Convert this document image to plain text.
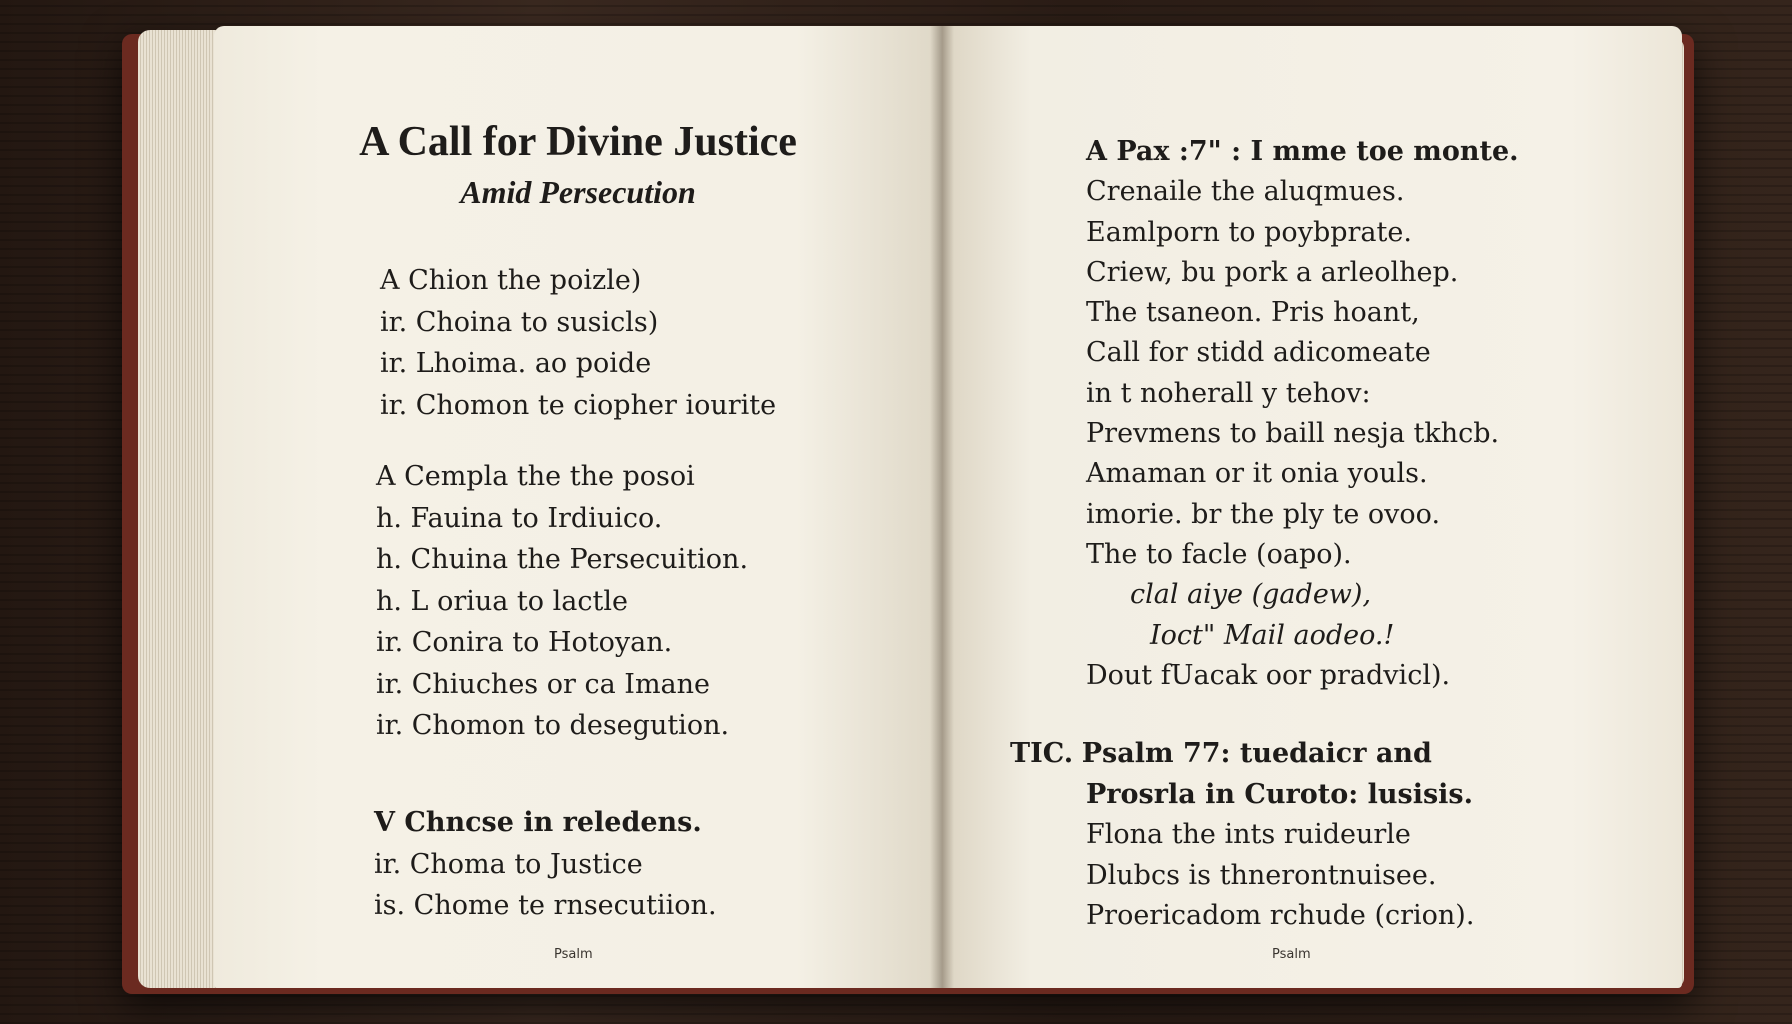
A Call for Divine Justice
Amid Persecution
A Chion the poizle)
ir. Choina to susicls)
ir. Lhoima. ao poide
ir. Chomon te ciopher iourite
A Cempla the the posoi
h. Fauina to Irdiuico.
h. Chuina the Persecuition.
h. L oriua to lactle
ir. Conira to Hotoyan.
ir. Chiuches or ca Imane
ir. Chomon to desegution.
V Chncse in reledens.
ir. Choma to Justice
is. Chome te rnsecutiion.
Psalm
A Pax :7" : I mme toe monte.
Crenaile the aluqmues.
Eamlporn to poybprate.
Criew, bu pork a arleolhep.
The tsaneon. Pris hoant,
Call for stidd adicomeate
in t noherall y tehov:
Prevmens to baill nesja tkhcb.
Amaman or it onia youls.
imorie. br the ply te ovoo.
The to facle (oapo).
clal aiye (gadew),
Ioct" Mail aodeo.!
Dout fUacak oor pradvicl).
TIC. Psalm 77: tuedaicr and
Prosrla in Curoto: lusisis.
Flona the ints ruideurle
Dlubcs is thnerontnuisee.
Proericadom rchude (crion).
Psalm
